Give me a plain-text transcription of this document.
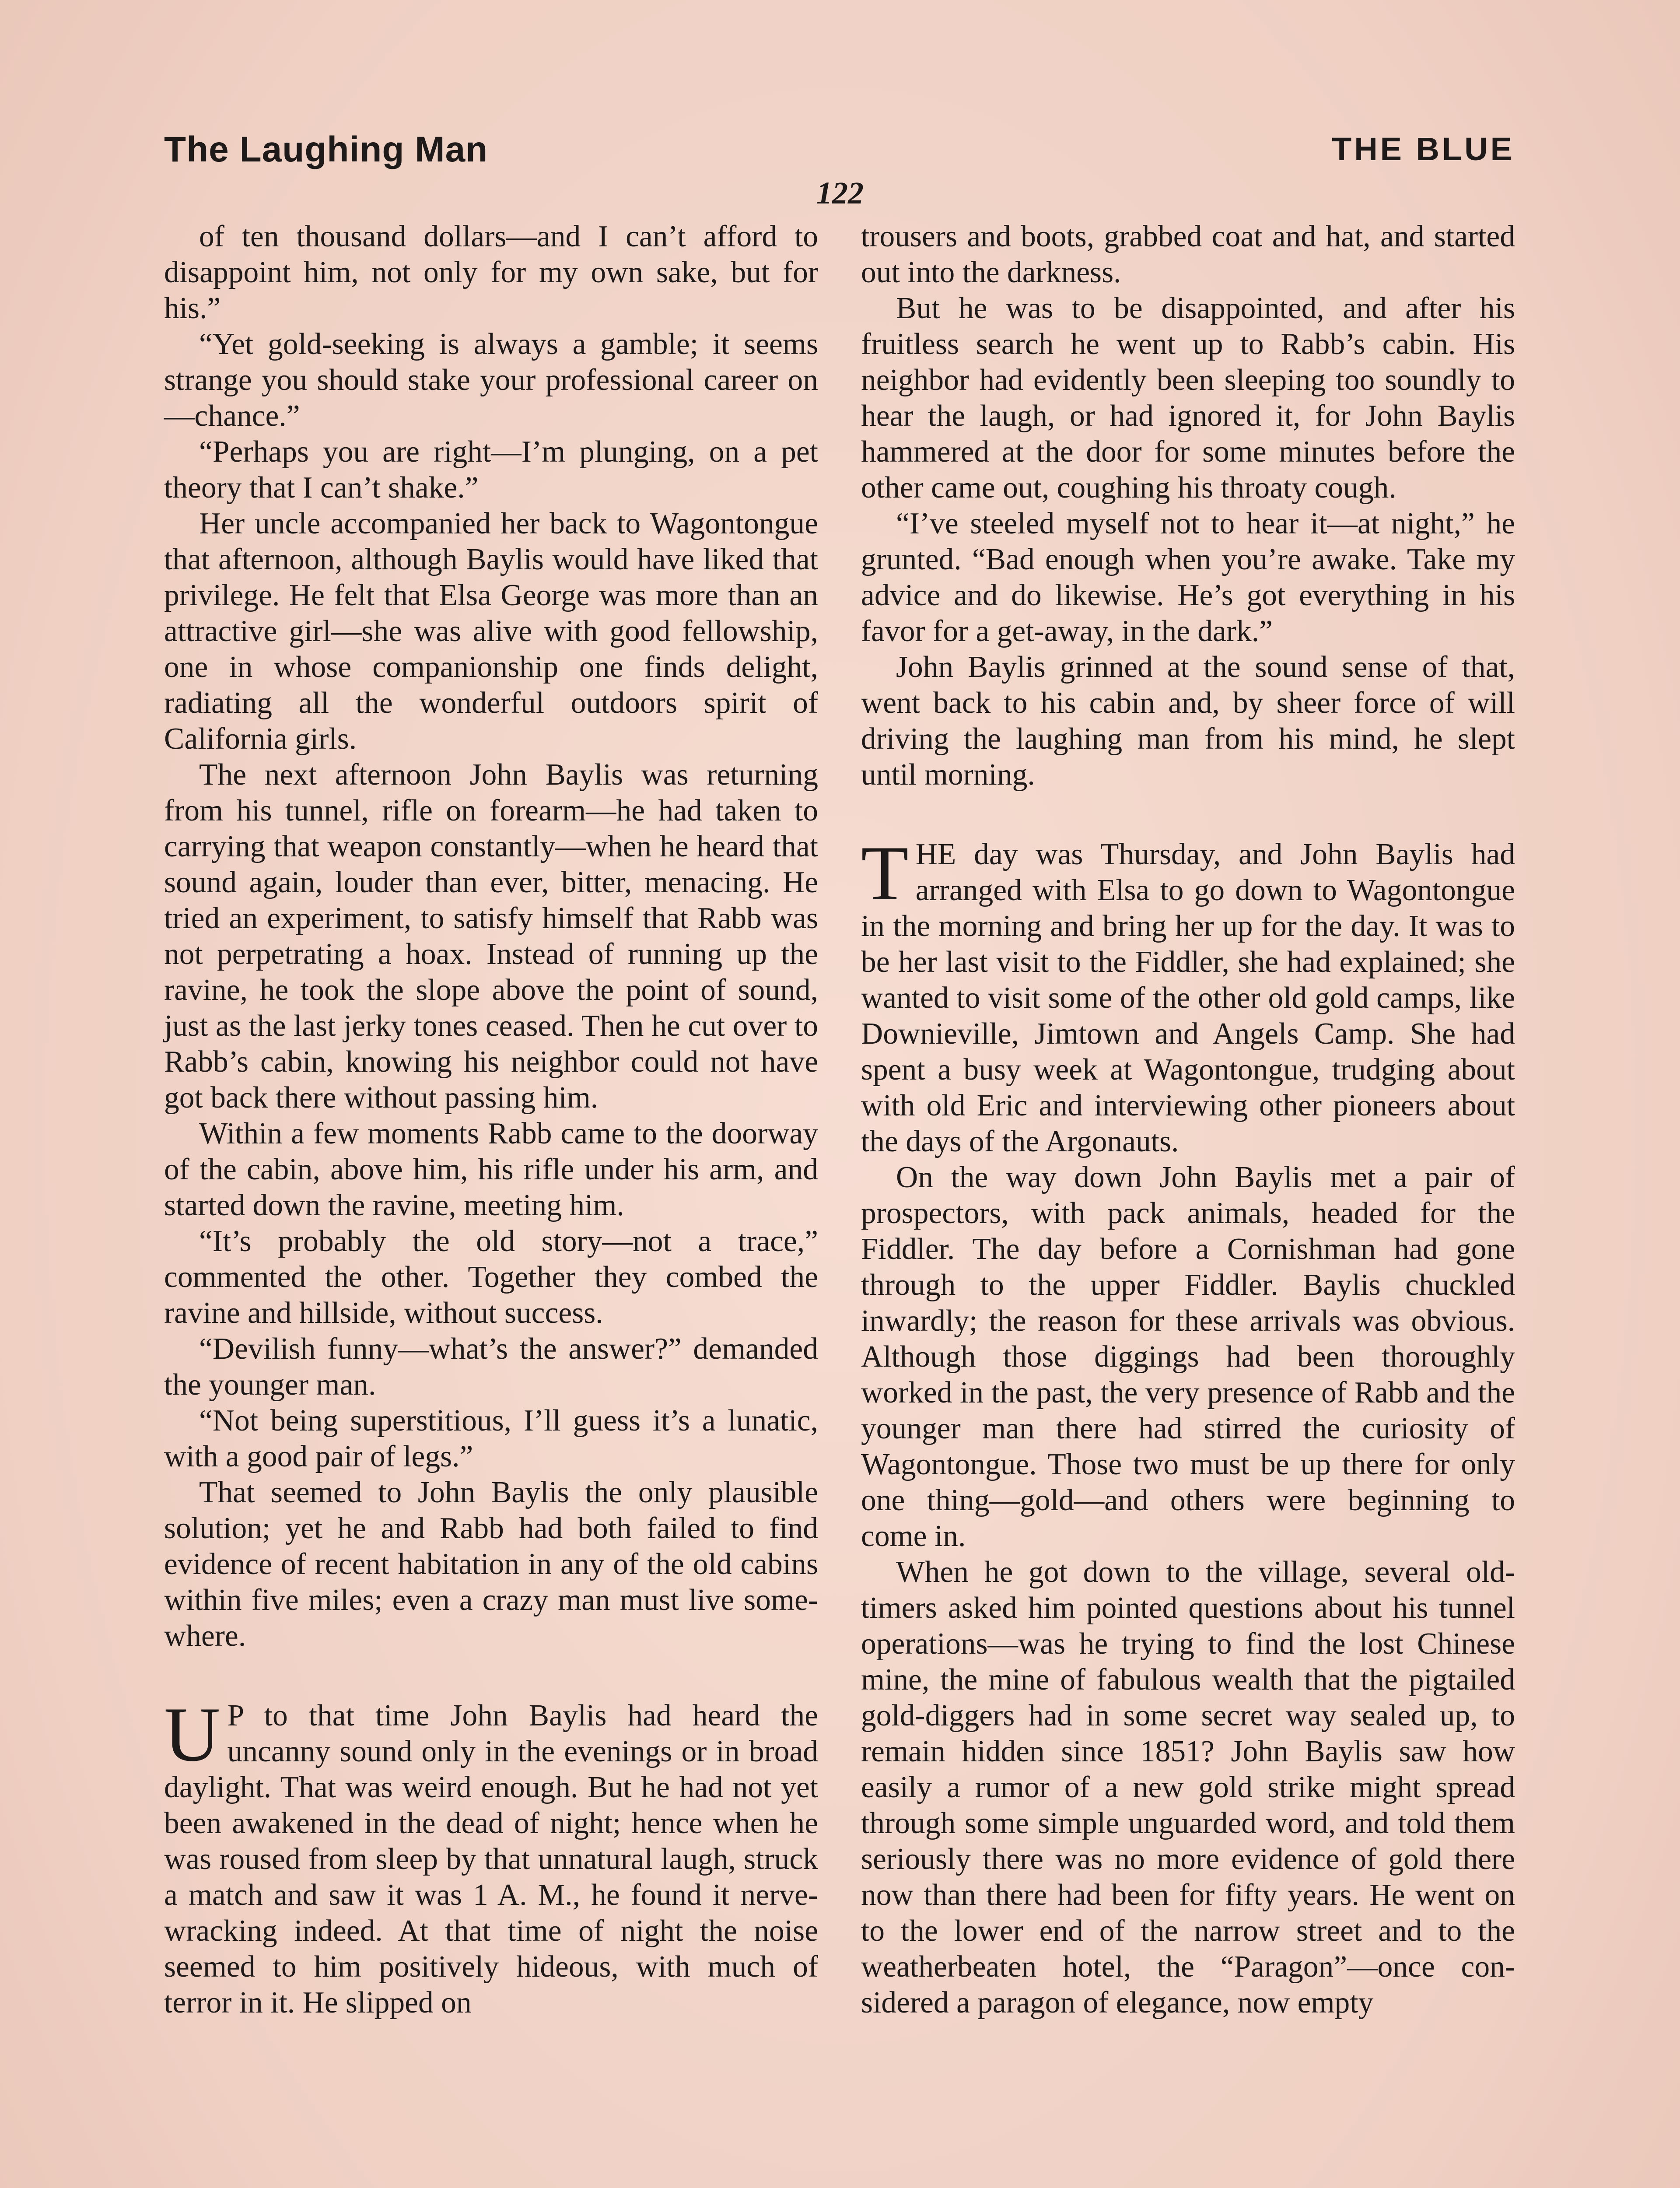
The Laughing Man	THE BLUE
122

of ten thousand dollars—and I can’t afford to disappoint him, not only for my own sake, but for his.”

“Yet gold-seeking is always a gamble; it seems strange you should stake your professional career on—chance.”

“Perhaps you are right—I’m plunging, on a pet theory that I can’t shake.”

Her uncle accompanied her back to Wagontongue that afternoon, although Baylis would have liked that privilege. He felt that Elsa George was more than an attractive girl—she was alive with good fellowship, one in whose companionship one finds delight, radiating all the wonderful outdoors spirit of California girls.

The next afternoon John Baylis was returning from his tunnel, rifle on forearm—he had taken to carrying that weapon constantly—when he heard that sound again, louder than ever, bitter, menacing. He tried an experiment, to satisfy himself that Rabb was not perpetrating a hoax. Instead of running up the ravine, he took the slope above the point of sound, just as the last jerky tones ceased. Then he cut over to Rabb’s cabin, knowing his neighbor could not have got back there without passing him.

Within a few moments Rabb came to the doorway of the cabin, above him, his rifle under his arm, and started down the ravine, meeting him.

“It’s probably the old story—not a trace,” commented the other. Together they combed the ravine and hillside, without success.

“Devilish funny—what’s the answer?” demanded the younger man.

“Not being superstitious, I’ll guess it’s a lunatic, with a good pair of legs.”

That seemed to John Baylis the only plausible solution; yet he and Rabb had both failed to find evidence of recent habitation in any of the old cabins within five miles; even a crazy man must live somewhere.

U P to that time John Baylis had heard the uncanny sound only in the evenings or in broad daylight. That was weird enough. But he had not yet been awakened in the dead of night; hence when he was roused from sleep by that unnatural laugh, struck a match and saw it was 1 A. M., he found it nerve-wracking indeed. At that time of night the noise seemed to him positively hideous, with much of terror in it. He slipped on

trousers and boots, grabbed coat and hat, and started out into the darkness.

But he was to be disappointed, and after his fruitless search he went up to Rabb’s cabin. His neighbor had evidently been sleeping too soundly to hear the laugh, or had ignored it, for John Baylis hammered at the door for some minutes before the other came out, coughing his throaty cough.

“I’ve steeled myself not to hear it—at night,” he grunted. “Bad enough when you’re awake. Take my advice and do likewise. He’s got everything in his favor for a get-away, in the dark.”

John Baylis grinned at the sound sense of that, went back to his cabin and, by sheer force of will driving the laughing man from his mind, he slept until morning.

THE day was Thursday, and John Baylis had arranged with Elsa to go down to Wagontongue in the morning and bring her up for the day. It was to be her last visit to the Fiddler, she had explained; she wanted to visit some of the other old gold camps, like Downieville, Jimtown and Angels Camp. She had spent a busy week at Wagontongue, trudging about with old Eric and interviewing other pioneers about the days of the Argonauts.

On the way down John Baylis met a pair of prospectors, with pack animals, headed for the Fiddler. The day before a Cornishman had gone through to the upper Fiddler. Baylis chuckled inwardly; the reason for these arrivals was obvious. Although those diggings had been thoroughly worked in the past, the very presence of Rabb and the younger man there had stirred the curiosity of Wagontongue. Those two must be up there for only one thing—gold—and others were beginning to come in.

When he got down to the village, several old-timers asked him pointed questions about his tunnel operations—was he trying to find the lost Chinese mine, the mine of fabulous wealth that the pigtailed gold-diggers had in some secret way sealed up, to remain hidden since 1851? John Baylis saw how easily a rumor of a new gold strike might spread through some simple unguarded word, and told them seriously there was no more evidence of gold there now than there had been for fifty years. He went on to the lower end of the narrow street and to the weatherbeaten hotel, the “Paragon”—once considered a paragon of elegance, now empty
